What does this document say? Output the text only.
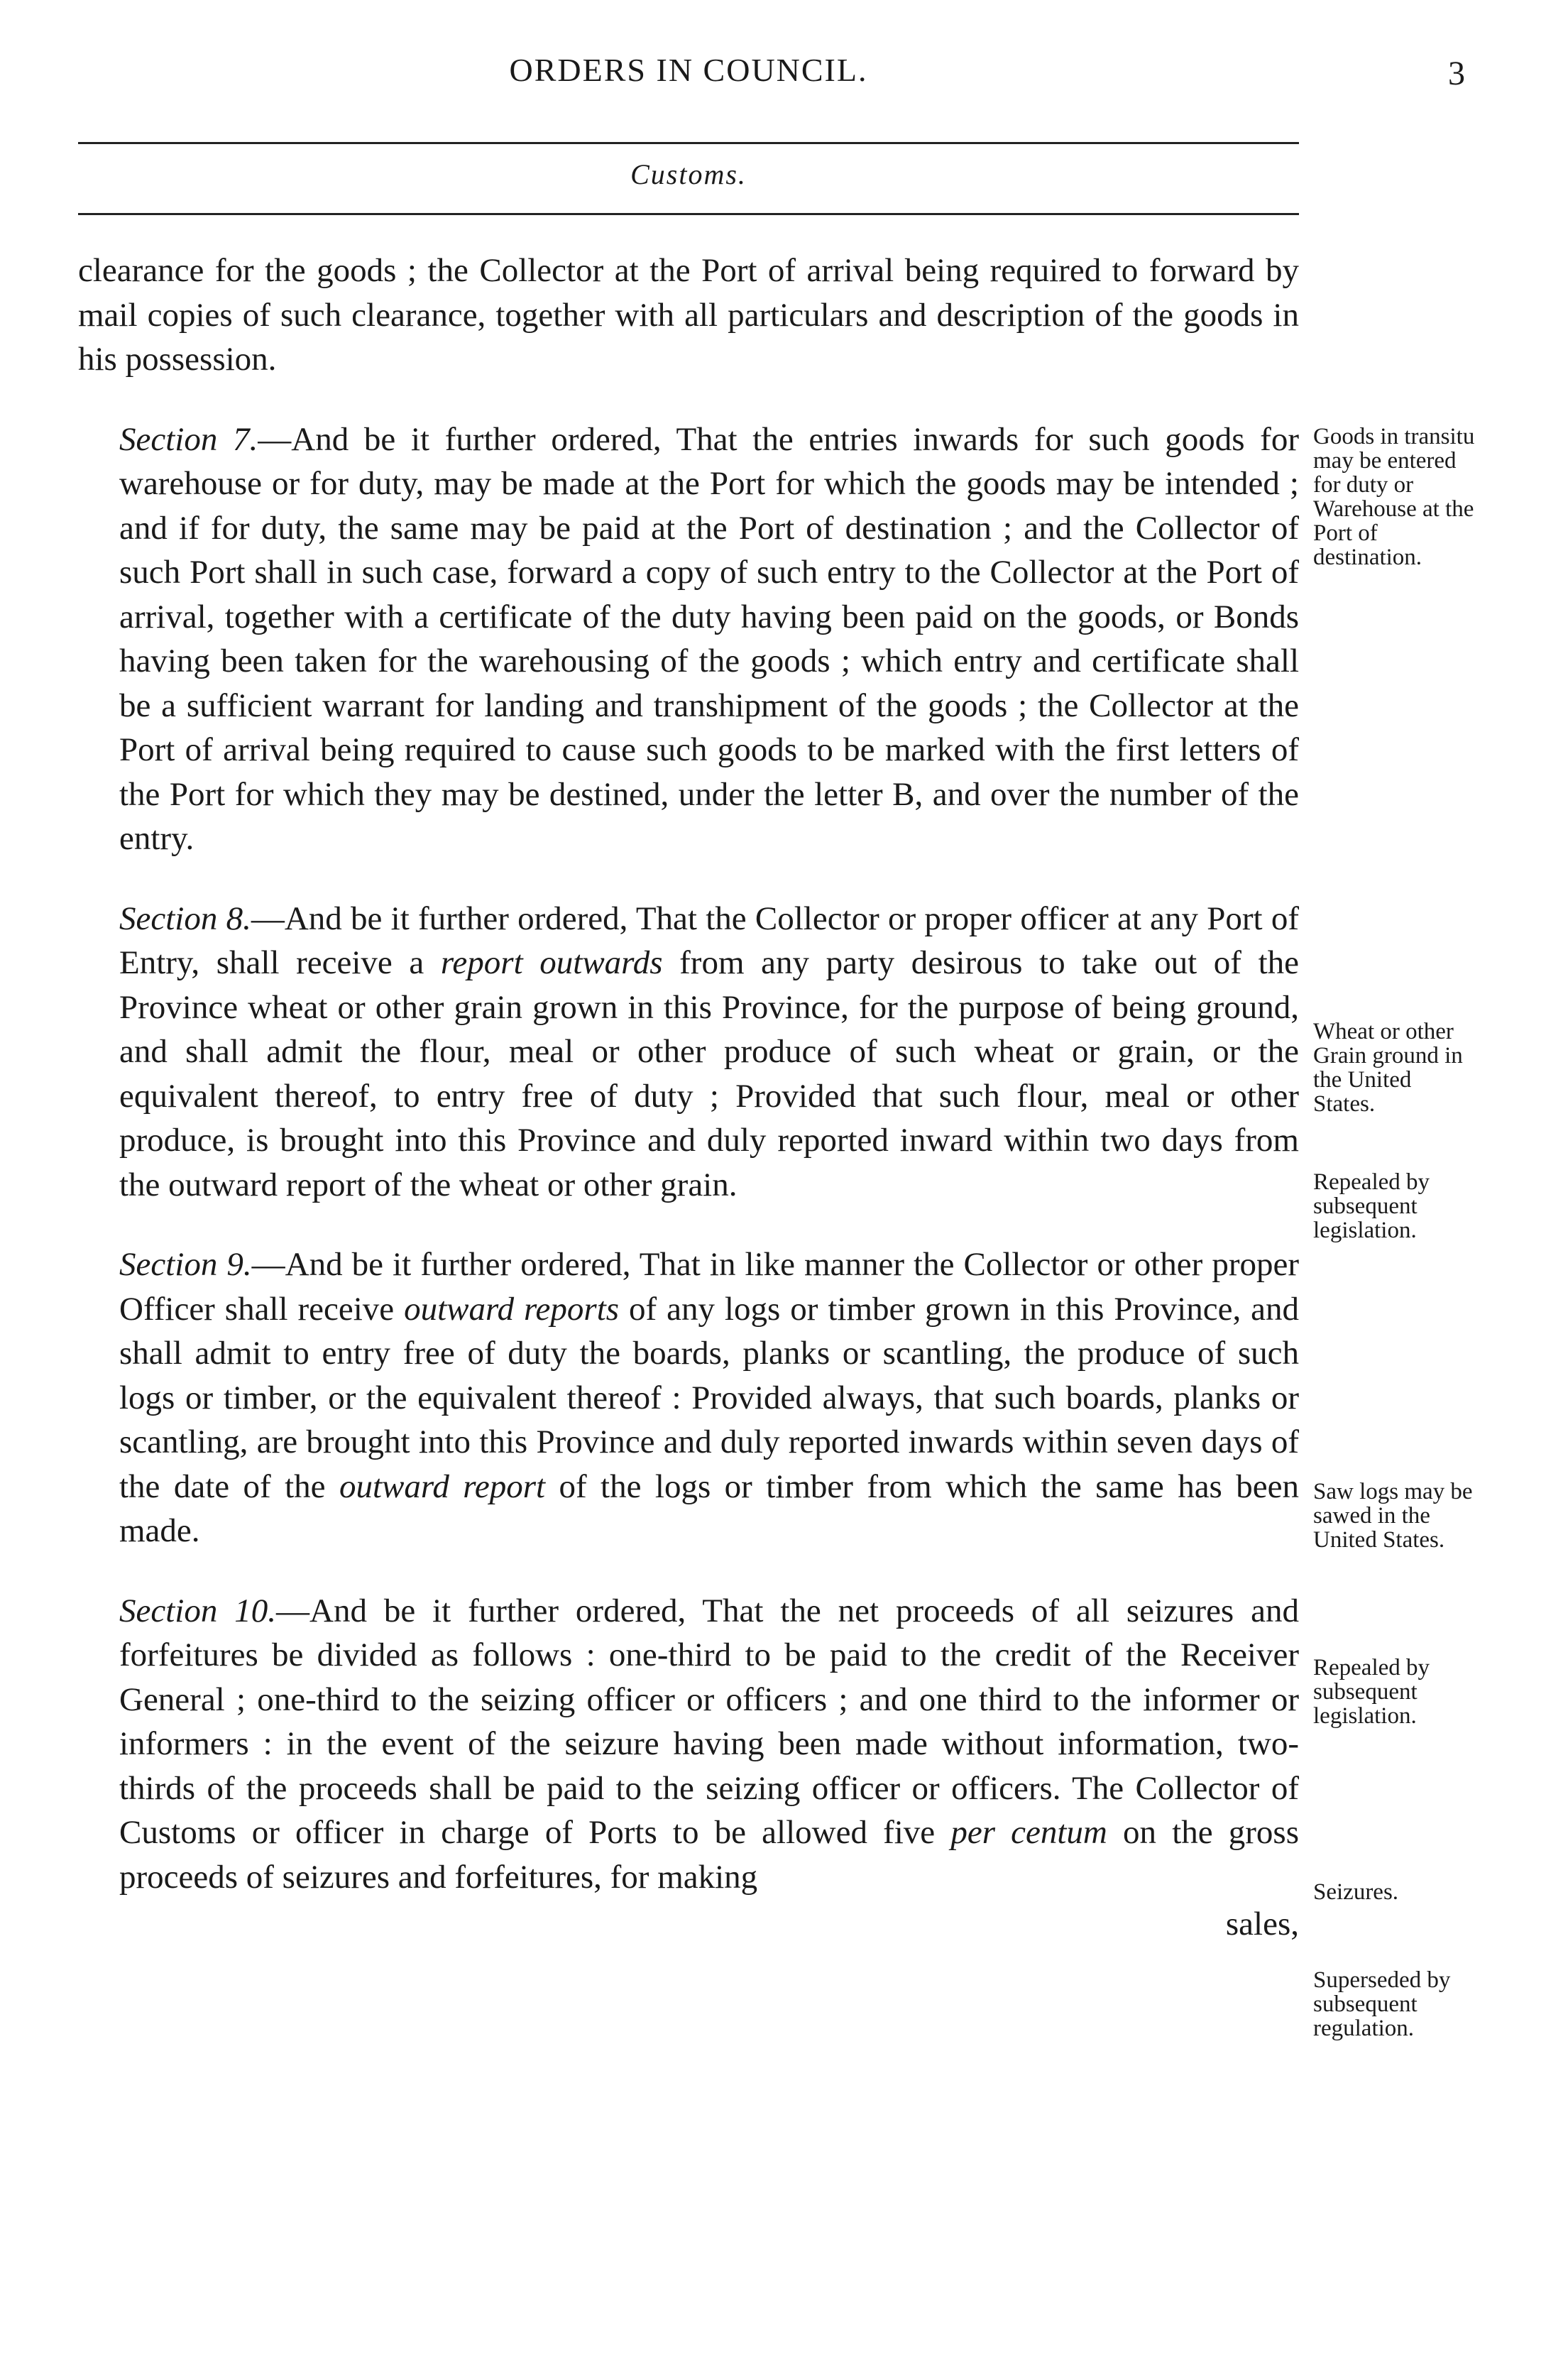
ORDERS IN COUNCIL.	3
Customs.

clearance for the goods ; the Collector at the Port of arrival being required to forward by mail copies of such clearance, together with all particulars and description of the goods in his possession.

Section 7.—And be it further ordered, That the entries inwards for such goods for warehouse or for duty, may be made at the Port for which the goods may be intended ; and if for duty, the same may be paid at the Port of destination ; and the Collector of such Port shall in such case, forward a copy of such entry to the Collector at the Port of arrival, together with a certificate of the duty having been paid on the goods, or Bonds having been taken for the warehousing of the goods ; which entry and certificate shall be a sufficient warrant for landing and transhipment of the goods ; the Collector at the Port of arrival being required to cause such goods to be marked with the first letters of the Port for which they may be destined, under the letter B, and over the number of the entry.

Section 8.—And be it further ordered, That the Collector or proper officer at any Port of Entry, shall receive a report outwards from any party desirous to take out of the Province wheat or other grain grown in this Province, for the purpose of being ground, and shall admit the flour, meal or other produce of such wheat or grain, or the equivalent thereof, to entry free of duty ; Provided that such flour, meal or other produce, is brought into this Province and duly reported inward within two days from the outward report of the wheat or other grain.

Section 9.—And be it further ordered, That in like manner the Collector or other proper Officer shall receive outward reports of any logs or timber grown in this Province, and shall admit to entry free of duty the boards, planks or scantling, the produce of such logs or timber, or the equivalent thereof : Provided always, that such boards, planks or scantling, are brought into this Province and duly reported inwards within seven days of the date of the outward report of the logs or timber from which the same has been made.

Section 10.—And be it further ordered, That the net proceeds of all seizures and forfeitures be divided as follows : one-third to be paid to the credit of the Receiver General ; one-third to the seizing officer or officers ; and one third to the informer or informers : in the event of the seizure having been made without information, two-thirds of the proceeds shall be paid to the seizing officer or officers. The Collector of Customs or officer in charge of Ports to be allowed five per centum on the gross proceeds of seizures and forfeitures, for making

sales,
Goods in transitu may be entered for duty or Warehouse at the Port of destination.
Wheat or other Grain ground in the United States.
Repealed by subsequent legislation.
Saw logs may be sawed in the United States.
Repealed by subsequent legislation.
Seizures.
Superseded by subsequent regulation.
